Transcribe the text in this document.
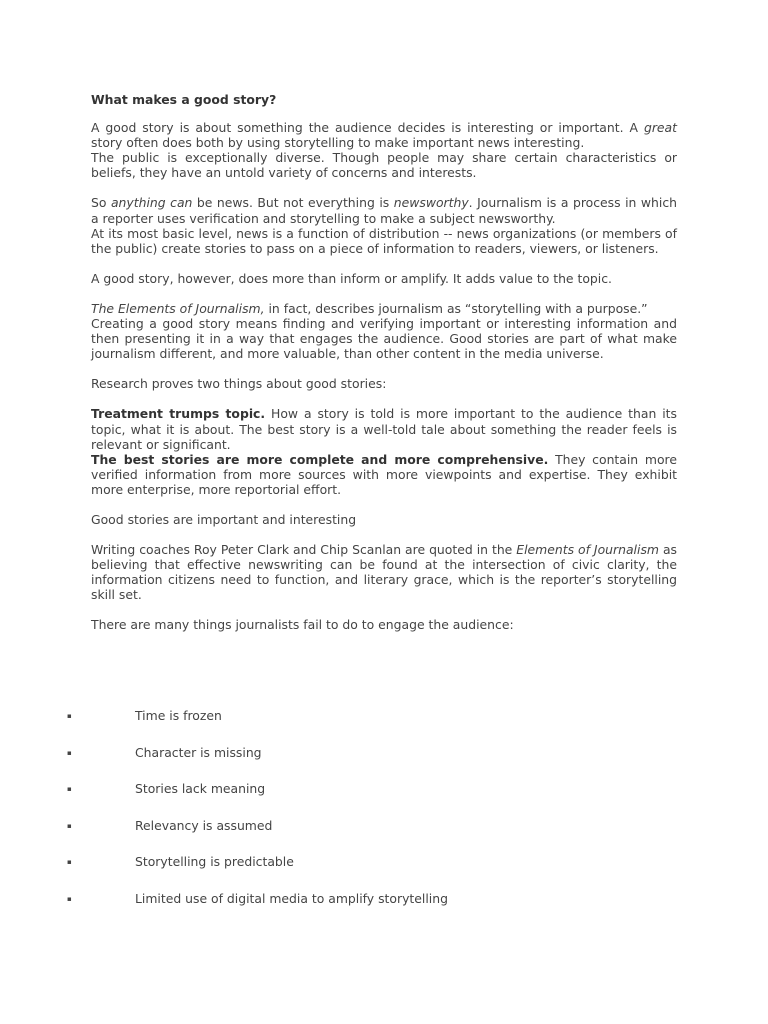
What makes a good story?

A good story is about something the audience decides is interesting or important. A great story often does both by using storytelling to make important news interesting.

The public is exceptionally diverse. Though people may share certain characteristics or beliefs, they have an untold variety of concerns and interests.

So anything can be news. But not everything is newsworthy. Journalism is a process in which a reporter uses verification and storytelling to make a subject newsworthy.

At its most basic level, news is a function of distribution -- news organizations (or members of the public) create stories to pass on a piece of information to readers, viewers, or listeners.

A good story, however, does more than inform or amplify. It adds value to the topic.

The Elements of Journalism, in fact, describes journalism as “storytelling with a purpose.”

Creating a good story means finding and verifying important or interesting information and then presenting it in a way that engages the audience. Good stories are part of what make journalism different, and more valuable, than other content in the media universe.

Research proves two things about good stories:

Treatment trumps topic. How a story is told is more important to the audience than its topic, what it is about. The best story is a well-told tale about something the reader feels is relevant or significant.

The best stories are more complete and more comprehensive. They contain more verified information from more sources with more viewpoints and expertise. They exhibit more enterprise, more reportorial effort.

Good stories are important and interesting

Writing coaches Roy Peter Clark and Chip Scanlan are quoted in the Elements of Journalism as believing that effective newswriting can be found at the intersection of civic clarity, the information citizens need to function, and literary grace, which is the reporter’s storytelling skill set.

There are many things journalists fail to do to engage the audience:

▪	Time is frozen
▪	Character is missing
▪	Stories lack meaning
▪	Relevancy is assumed
▪	Storytelling is predictable
▪	Limited use of digital media to amplify storytelling
